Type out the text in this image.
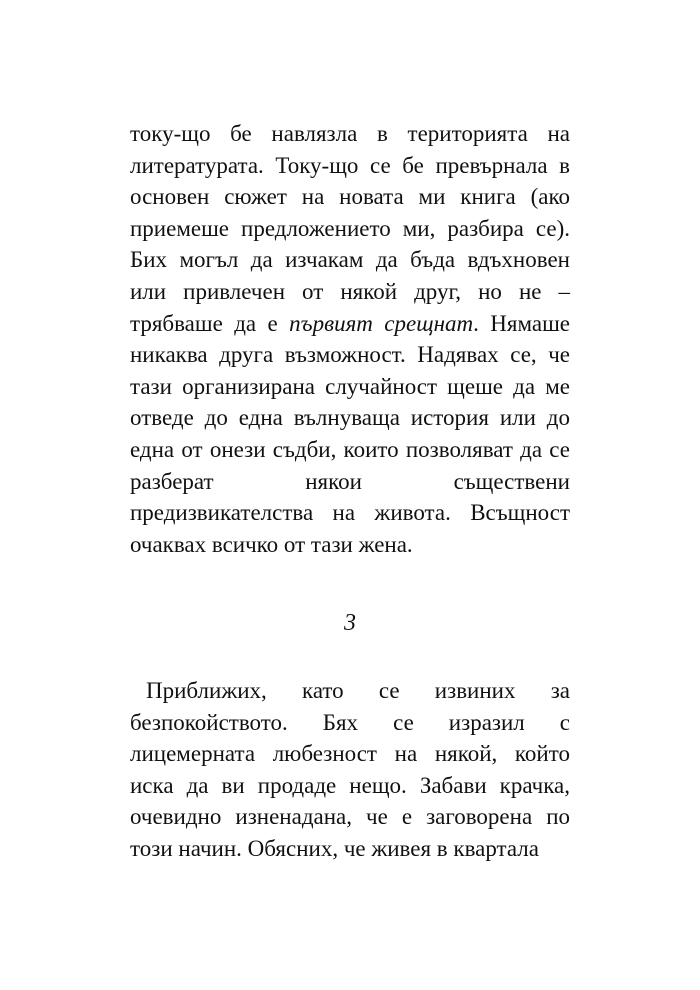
току-що бе навлязла в територията на литературата. Току-що се бе превърнала в основен сюжет на новата ми книга (ако приемеше предложението ми, разбира се). Бих могъл да изчакам да бъда вдъхновен или привлечен от някой друг, но не – трябваше да е първият срещнат. Нямаше никаква друга възможност. Надявах се, че тази организирана случайност щеше да ме отведе до една вълнуваща история или до една от онези съдби, които позволяват да се разберат някои съществени предизвикателства на живота. Всъщност очаквах всичко от тази жена.

3

Приближих, като се извиних за безпокойството. Бях се изразил с лицемерната любезност на някой, който иска да ви продаде нещо. Забави крачка, очевидно изненадана, че е заговорена по този начин. Обясних, че живея в квартала
